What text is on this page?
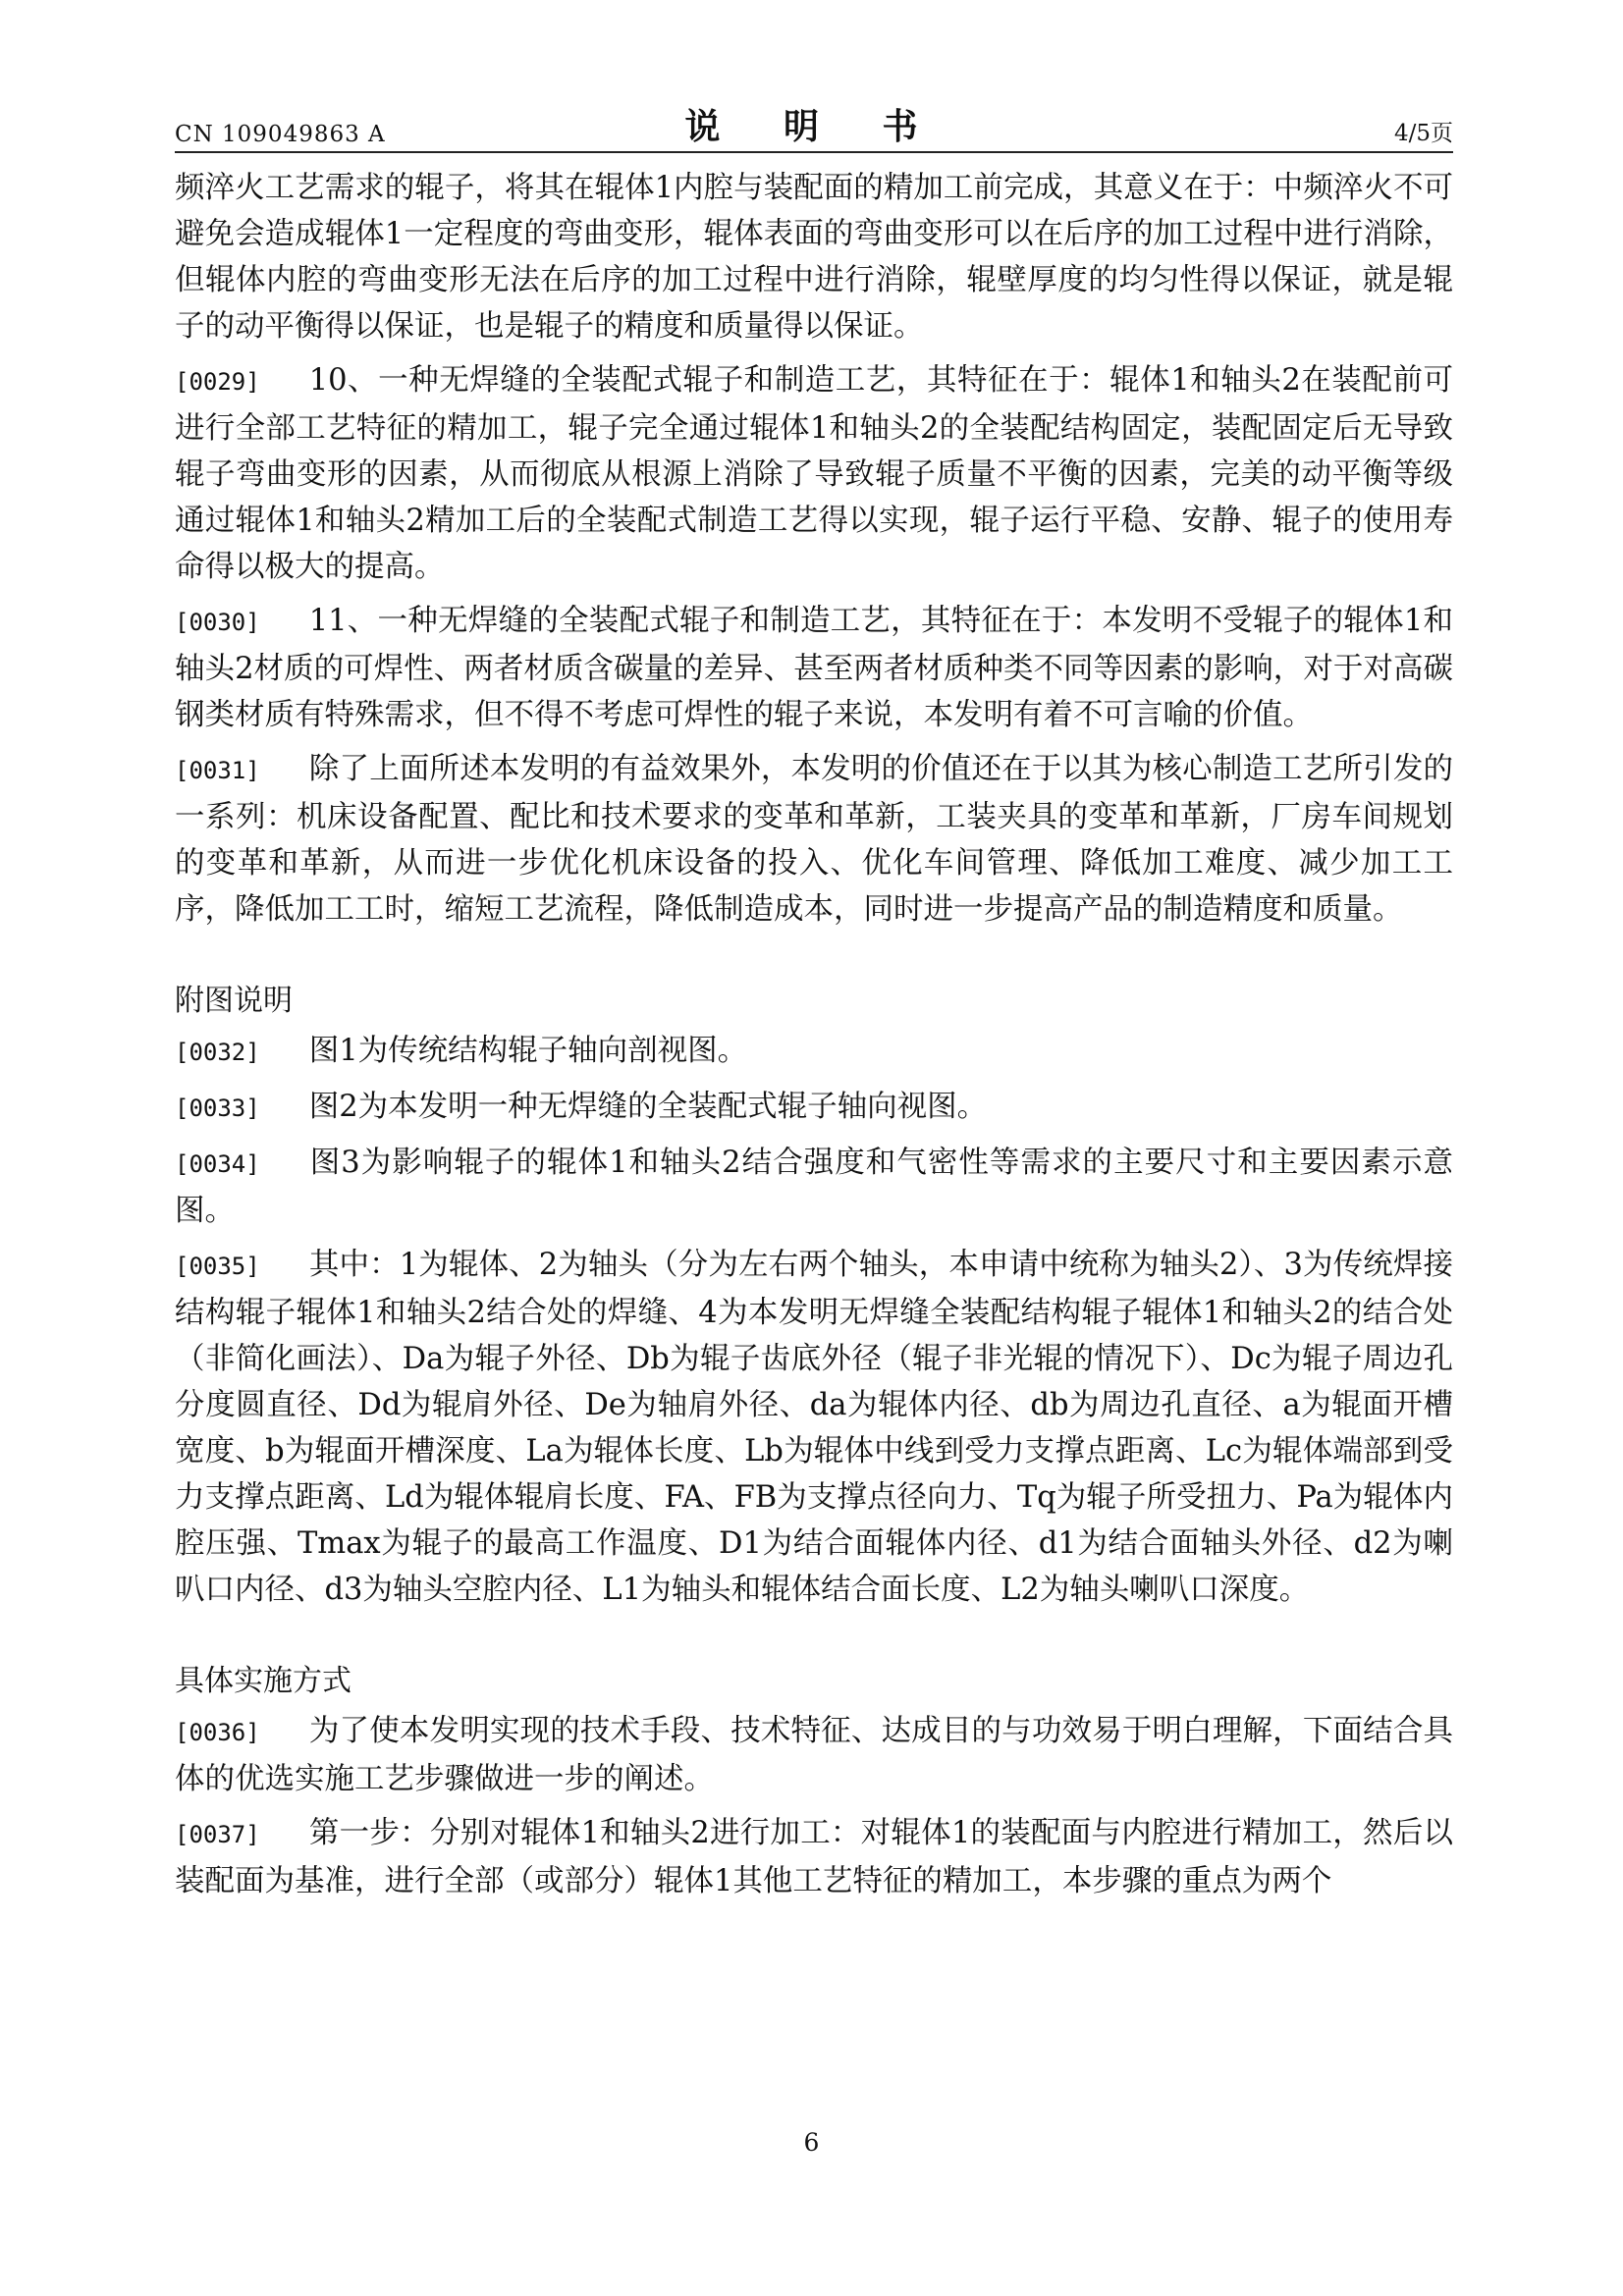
CN 109049863 A	说 明 书	4/5页

频淬火工艺需求的辊子，将其在辊体1内腔与装配面的精加工前完成，其意义在于：中频淬火不可避免会造成辊体1一定程度的弯曲变形，辊体表面的弯曲变形可以在后序的加工过程中进行消除，但辊体内腔的弯曲变形无法在后序的加工过程中进行消除，辊壁厚度的均匀性得以保证，就是辊子的动平衡得以保证，也是辊子的精度和质量得以保证。

[0029] 10、一种无焊缝的全装配式辊子和制造工艺，其特征在于：辊体1和轴头2在装配前可进行全部工艺特征的精加工，辊子完全通过辊体1和轴头2的全装配结构固定，装配固定后无导致辊子弯曲变形的因素，从而彻底从根源上消除了导致辊子质量不平衡的因素，完美的动平衡等级通过辊体1和轴头2精加工后的全装配式制造工艺得以实现，辊子运行平稳、安静、辊子的使用寿命得以极大的提高。

[0030] 11、一种无焊缝的全装配式辊子和制造工艺，其特征在于：本发明不受辊子的辊体1和轴头2材质的可焊性、两者材质含碳量的差异、甚至两者材质种类不同等因素的影响，对于对高碳钢类材质有特殊需求，但不得不考虑可焊性的辊子来说，本发明有着不可言喻的价值。

[0031] 除了上面所述本发明的有益效果外，本发明的价值还在于以其为核心制造工艺所引发的一系列：机床设备配置、配比和技术要求的变革和革新，工装夹具的变革和革新，厂房车间规划的变革和革新，从而进一步优化机床设备的投入、优化车间管理、降低加工难度、减少加工工序，降低加工工时，缩短工艺流程，降低制造成本，同时进一步提高产品的制造精度和质量。

附图说明

[0032] 图1为传统结构辊子轴向剖视图。

[0033] 图2为本发明一种无焊缝的全装配式辊子轴向视图。

[0034] 图3为影响辊子的辊体1和轴头2结合强度和气密性等需求的主要尺寸和主要因素示意图。

[0035] 其中：1为辊体、2为轴头（分为左右两个轴头，本申请中统称为轴头2）、3为传统焊接结构辊子辊体1和轴头2结合处的焊缝、4为本发明无焊缝全装配结构辊子辊体1和轴头2的结合处（非简化画法）、Da为辊子外径、Db为辊子齿底外径（辊子非光辊的情况下）、Dc为辊子周边孔分度圆直径、Dd为辊肩外径、De为轴肩外径、da为辊体内径、db为周边孔直径、a为辊面开槽宽度、b为辊面开槽深度、La为辊体长度、Lb为辊体中线到受力支撑点距离、Lc为辊体端部到受力支撑点距离、Ld为辊体辊肩长度、FA、FB为支撑点径向力、Tq为辊子所受扭力、Pa为辊体内腔压强、Tmax为辊子的最高工作温度、D1为结合面辊体内径、d1为结合面轴头外径、d2为喇叭口内径、d3为轴头空腔内径、L1为轴头和辊体结合面长度、L2为轴头喇叭口深度。

具体实施方式

[0036] 为了使本发明实现的技术手段、技术特征、达成目的与功效易于明白理解，下面结合具体的优选实施工艺步骤做进一步的阐述。

[0037] 第一步：分别对辊体1和轴头2进行加工：对辊体1的装配面与内腔进行精加工，然后以装配面为基准，进行全部（或部分）辊体1其他工艺特征的精加工，本步骤的重点为两个

6
